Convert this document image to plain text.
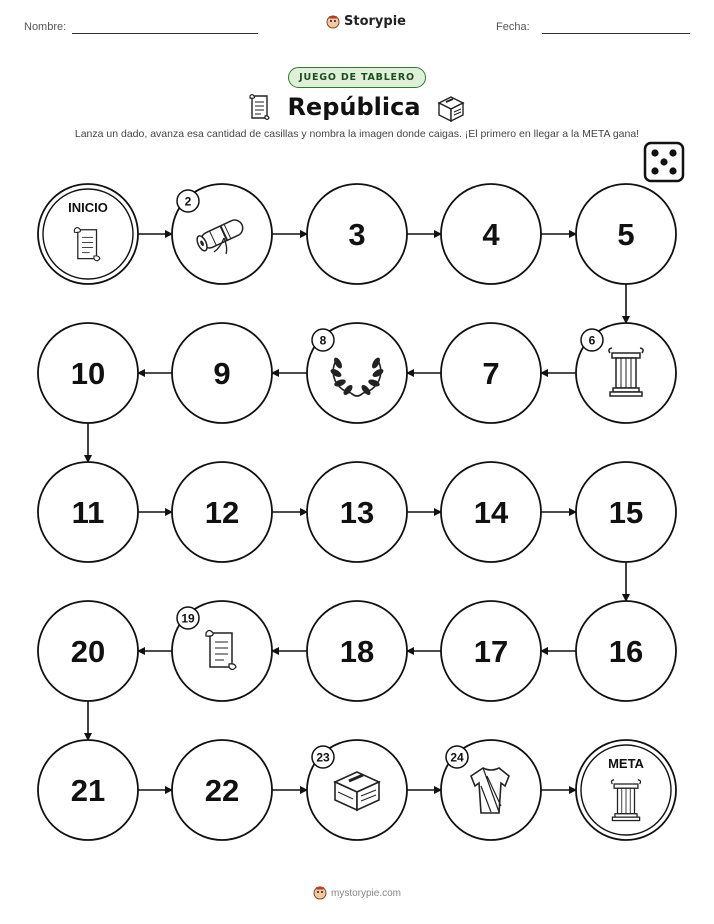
Nombre:	Storypie	Fecha:
JUEGO DE TABLERO
República
Lanza un dado, avanza esa cantidad de casillas y nombra la imagen donde caigas. ¡El primero en llegar a la META gana!
INICIO	2
3	4	5
6
7
8
9
10
11	12	13	14	15
16
17
18
19
20
21	22
23	24	META
mystorypie.com
